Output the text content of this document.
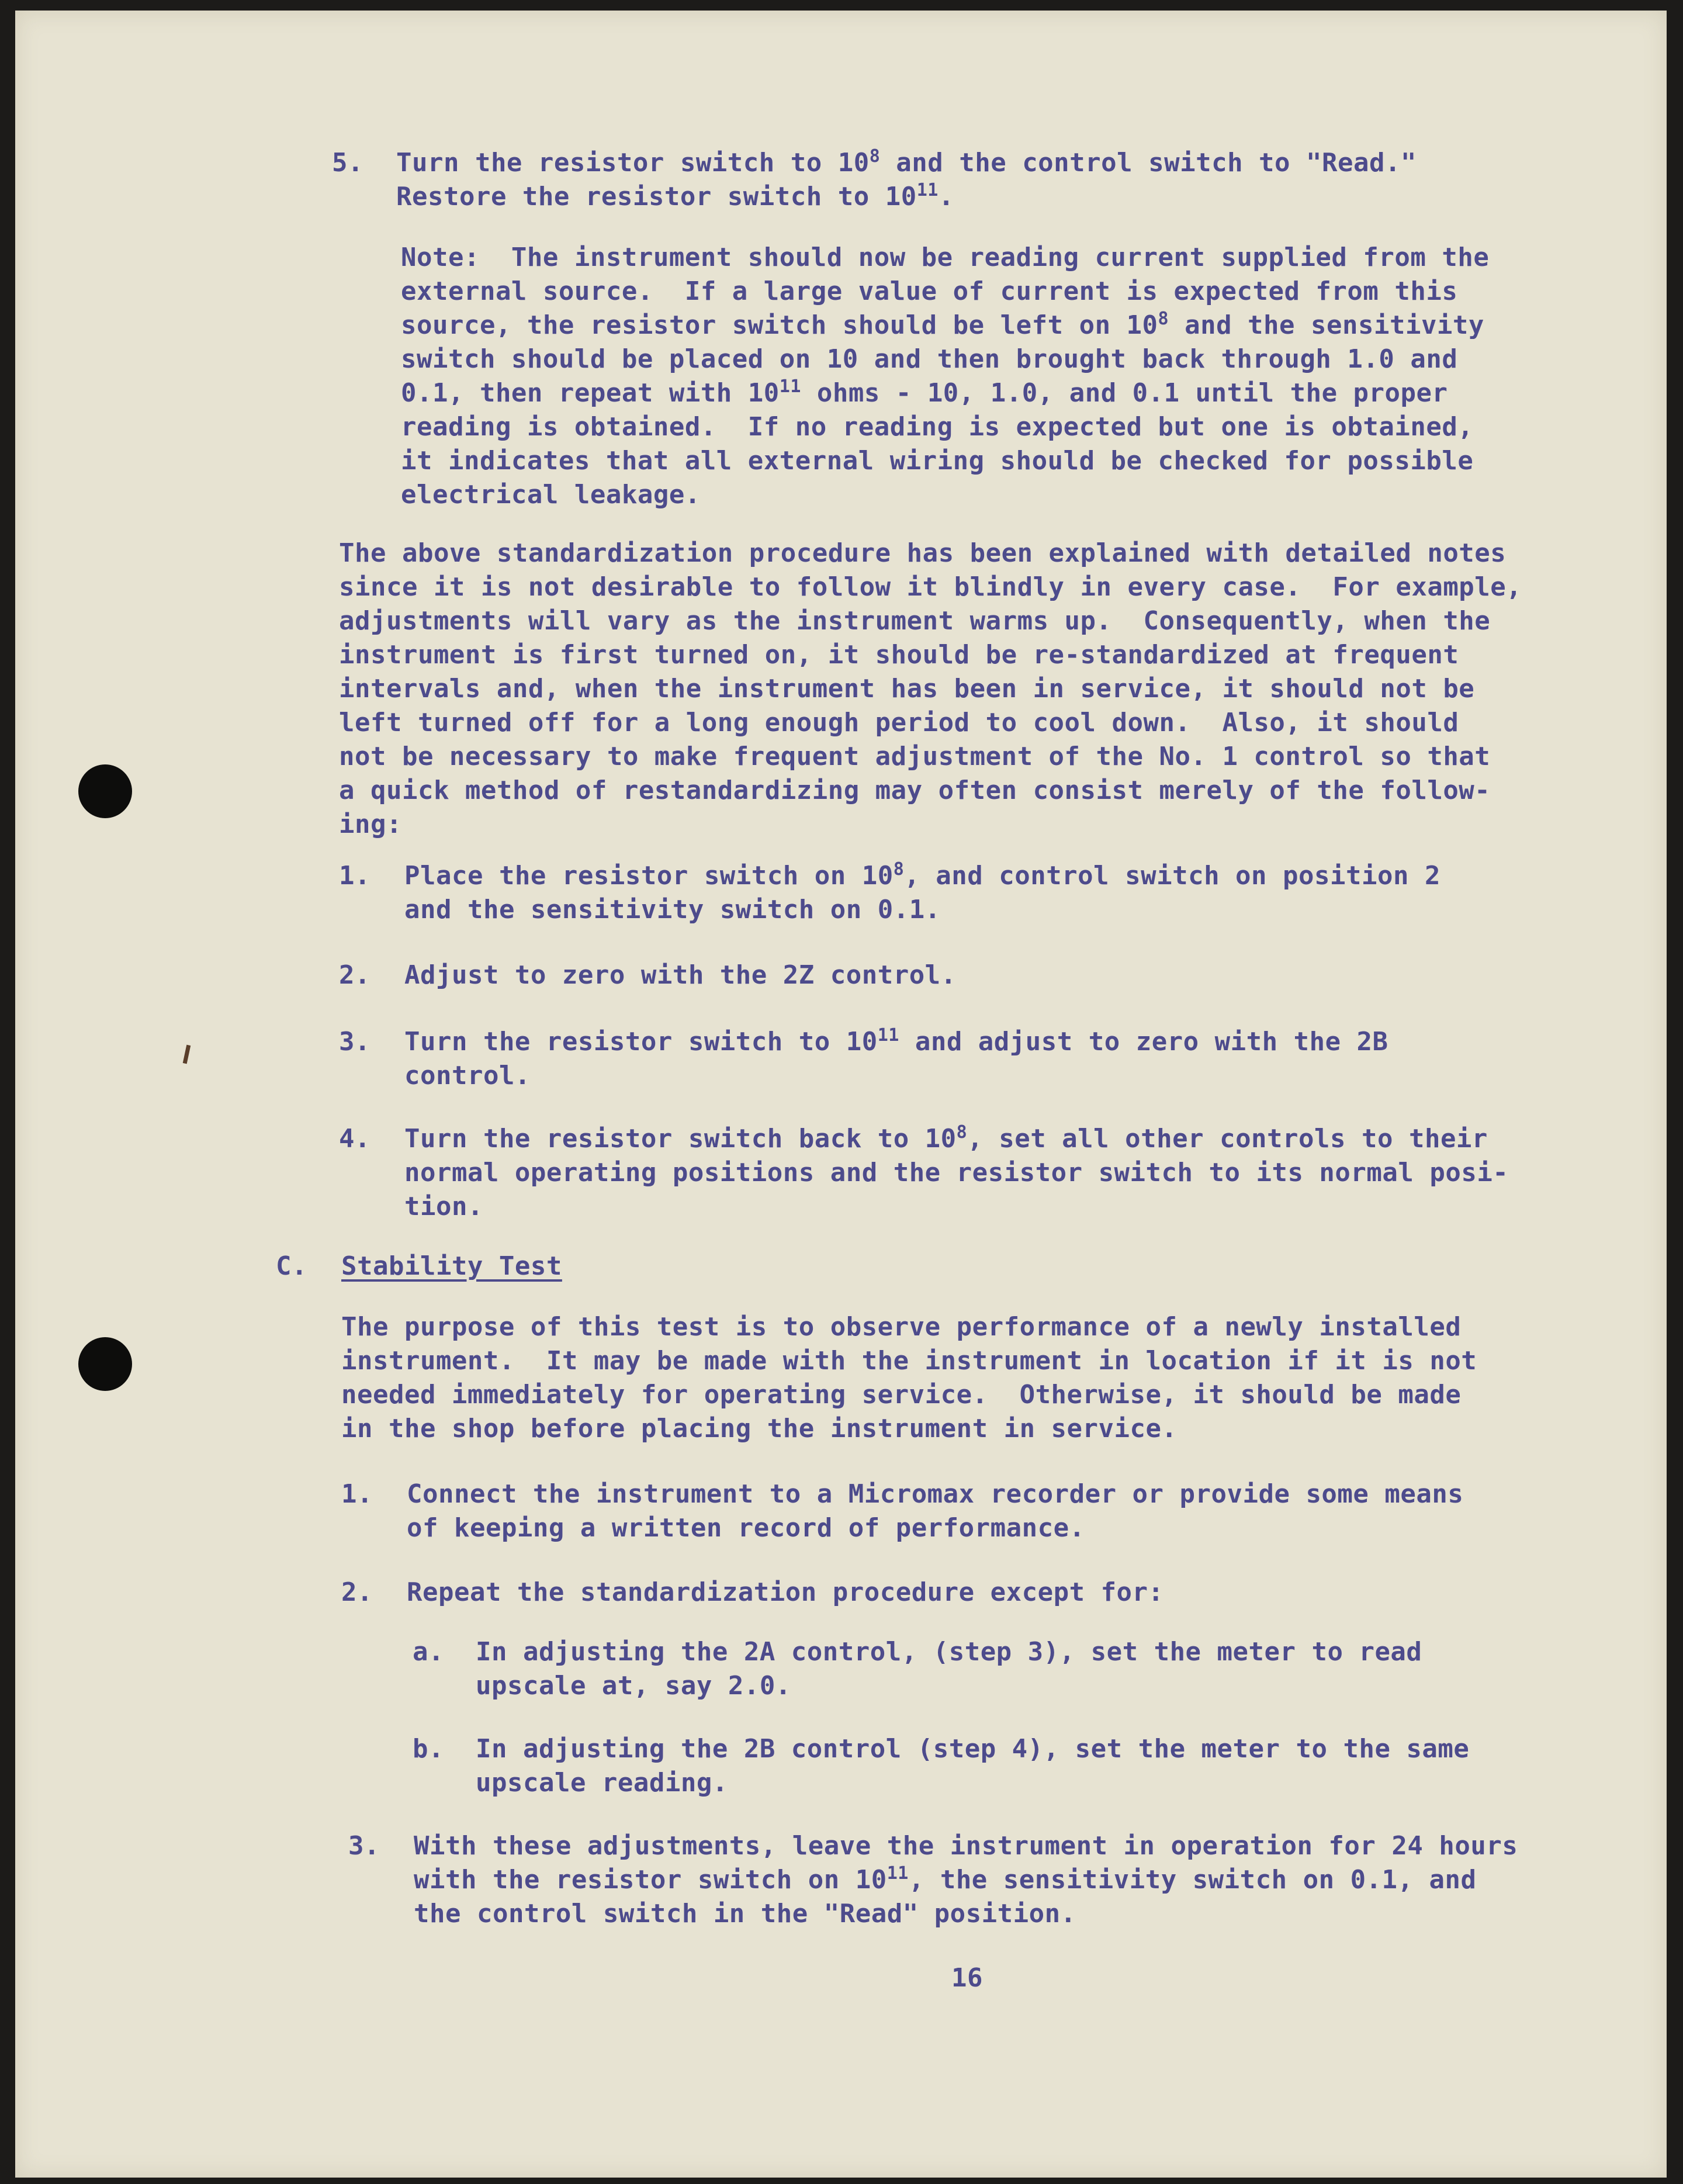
5. Turn the resistor switch to $10^8$ and the control switch to "Read."
Restore the resistor switch to $10^{11}$.
Note:  The instrument should now be reading current supplied from the
external source.  If a large value of current is expected from this
source, the resistor switch should be left on $10^8$ and the sensitivity
switch should be placed on 10 and then brought back through 1.0 and
0.1, then repeat with $10^{11}$ ohms - 10, 1.0, and 0.1 until the proper
reading is obtained.  If no reading is expected but one is obtained,
it indicates that all external wiring should be checked for possible
electrical leakage.
The above standardization procedure has been explained with detailed notes
since it is not desirable to follow it blindly in every case.  For example,
adjustments will vary as the instrument warms up.  Consequently, when the
instrument is first turned on, it should be re-standardized at frequent
intervals and, when the instrument has been in service, it should not be
left turned off for a long enough period to cool down.  Also, it should
not be necessary to make frequent adjustment of the No. 1 control so that
a quick method of restandardizing may often consist merely of the follow-
ing:
1. Place the resistor switch on $10^8$, and control switch on position 2
and the sensitivity switch on 0.1.
2. Adjust to zero with the 2Z control.
3. Turn the resistor switch to $10^{11}$ and adjust to zero with the 2B
control.
4. Turn the resistor switch back to $10^8$, set all other controls to their
normal operating positions and the resistor switch to its normal posi-
tion.
C. Stability Test
The purpose of this test is to observe performance of a newly installed
instrument.  It may be made with the instrument in location if it is not
needed immediately for operating service.  Otherwise, it should be made
in the shop before placing the instrument in service.
1. Connect the instrument to a Micromax recorder or provide some means
of keeping a written record of performance.
2. Repeat the standardization procedure except for:
a. In adjusting the 2A control, (step 3), set the meter to read
upscale at, say 2.0.
b. In adjusting the 2B control (step 4), set the meter to the same
upscale reading.
3. With these adjustments, leave the instrument in operation for 24 hours
with the resistor switch on $10^{11}$, the sensitivity switch on 0.1, and
the control switch in the "Read" position.
16
